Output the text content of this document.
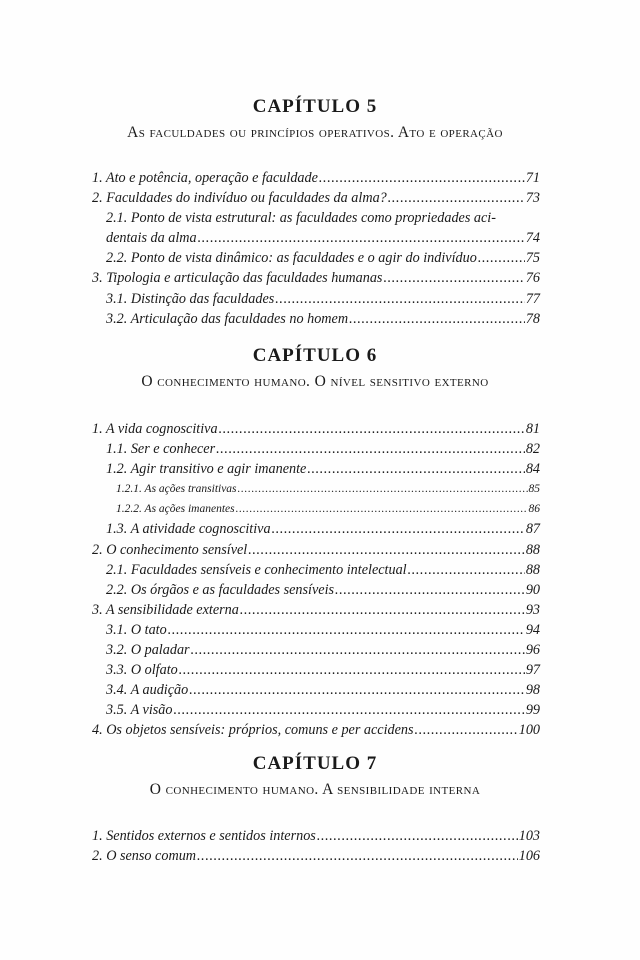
CAPÍTULO 5
As faculdades ou princípios operativos. Ato e operação
1. Ato e potência, operação e faculdade .....	71
2. Faculdades do indivíduo ou faculdades da alma? .....	73
2.1. Ponto de vista estrutural: as faculdades como propriedades aci-
dentais da alma .....	74
2.2. Ponto de vista dinâmico: as faculdades e o agir do indivíduo .....	75
3. Tipologia e articulação das faculdades humanas .....	76
3.1. Distinção das faculdades .....	77
3.2. Articulação das faculdades no homem .....	78
CAPÍTULO 6
O conhecimento humano. O nível sensitivo externo
1. A vida cognoscitiva .....	81
1.1. Ser e conhecer .....	82
1.2. Agir transitivo e agir imanente .....	84
1.2.1. As ações transitivas .....	85
1.2.2. As ações imanentes .....	86
1.3. A atividade cognoscitiva .....	87
2. O conhecimento sensível .....	88
2.1. Faculdades sensíveis e conhecimento intelectual .....	88
2.2. Os órgãos e as faculdades sensíveis .....	90
3. A sensibilidade externa .....	93
3.1. O tato .....	94
3.2. O paladar .....	96
3.3. O olfato .....	97
3.4. A audição .....	98
3.5. A visão .....	99
4. Os objetos sensíveis: próprios, comuns e per accidens .....	100
CAPÍTULO 7
O conhecimento humano. A sensibilidade interna
1. Sentidos externos e sentidos internos .....	103
2. O senso comum .....	106
